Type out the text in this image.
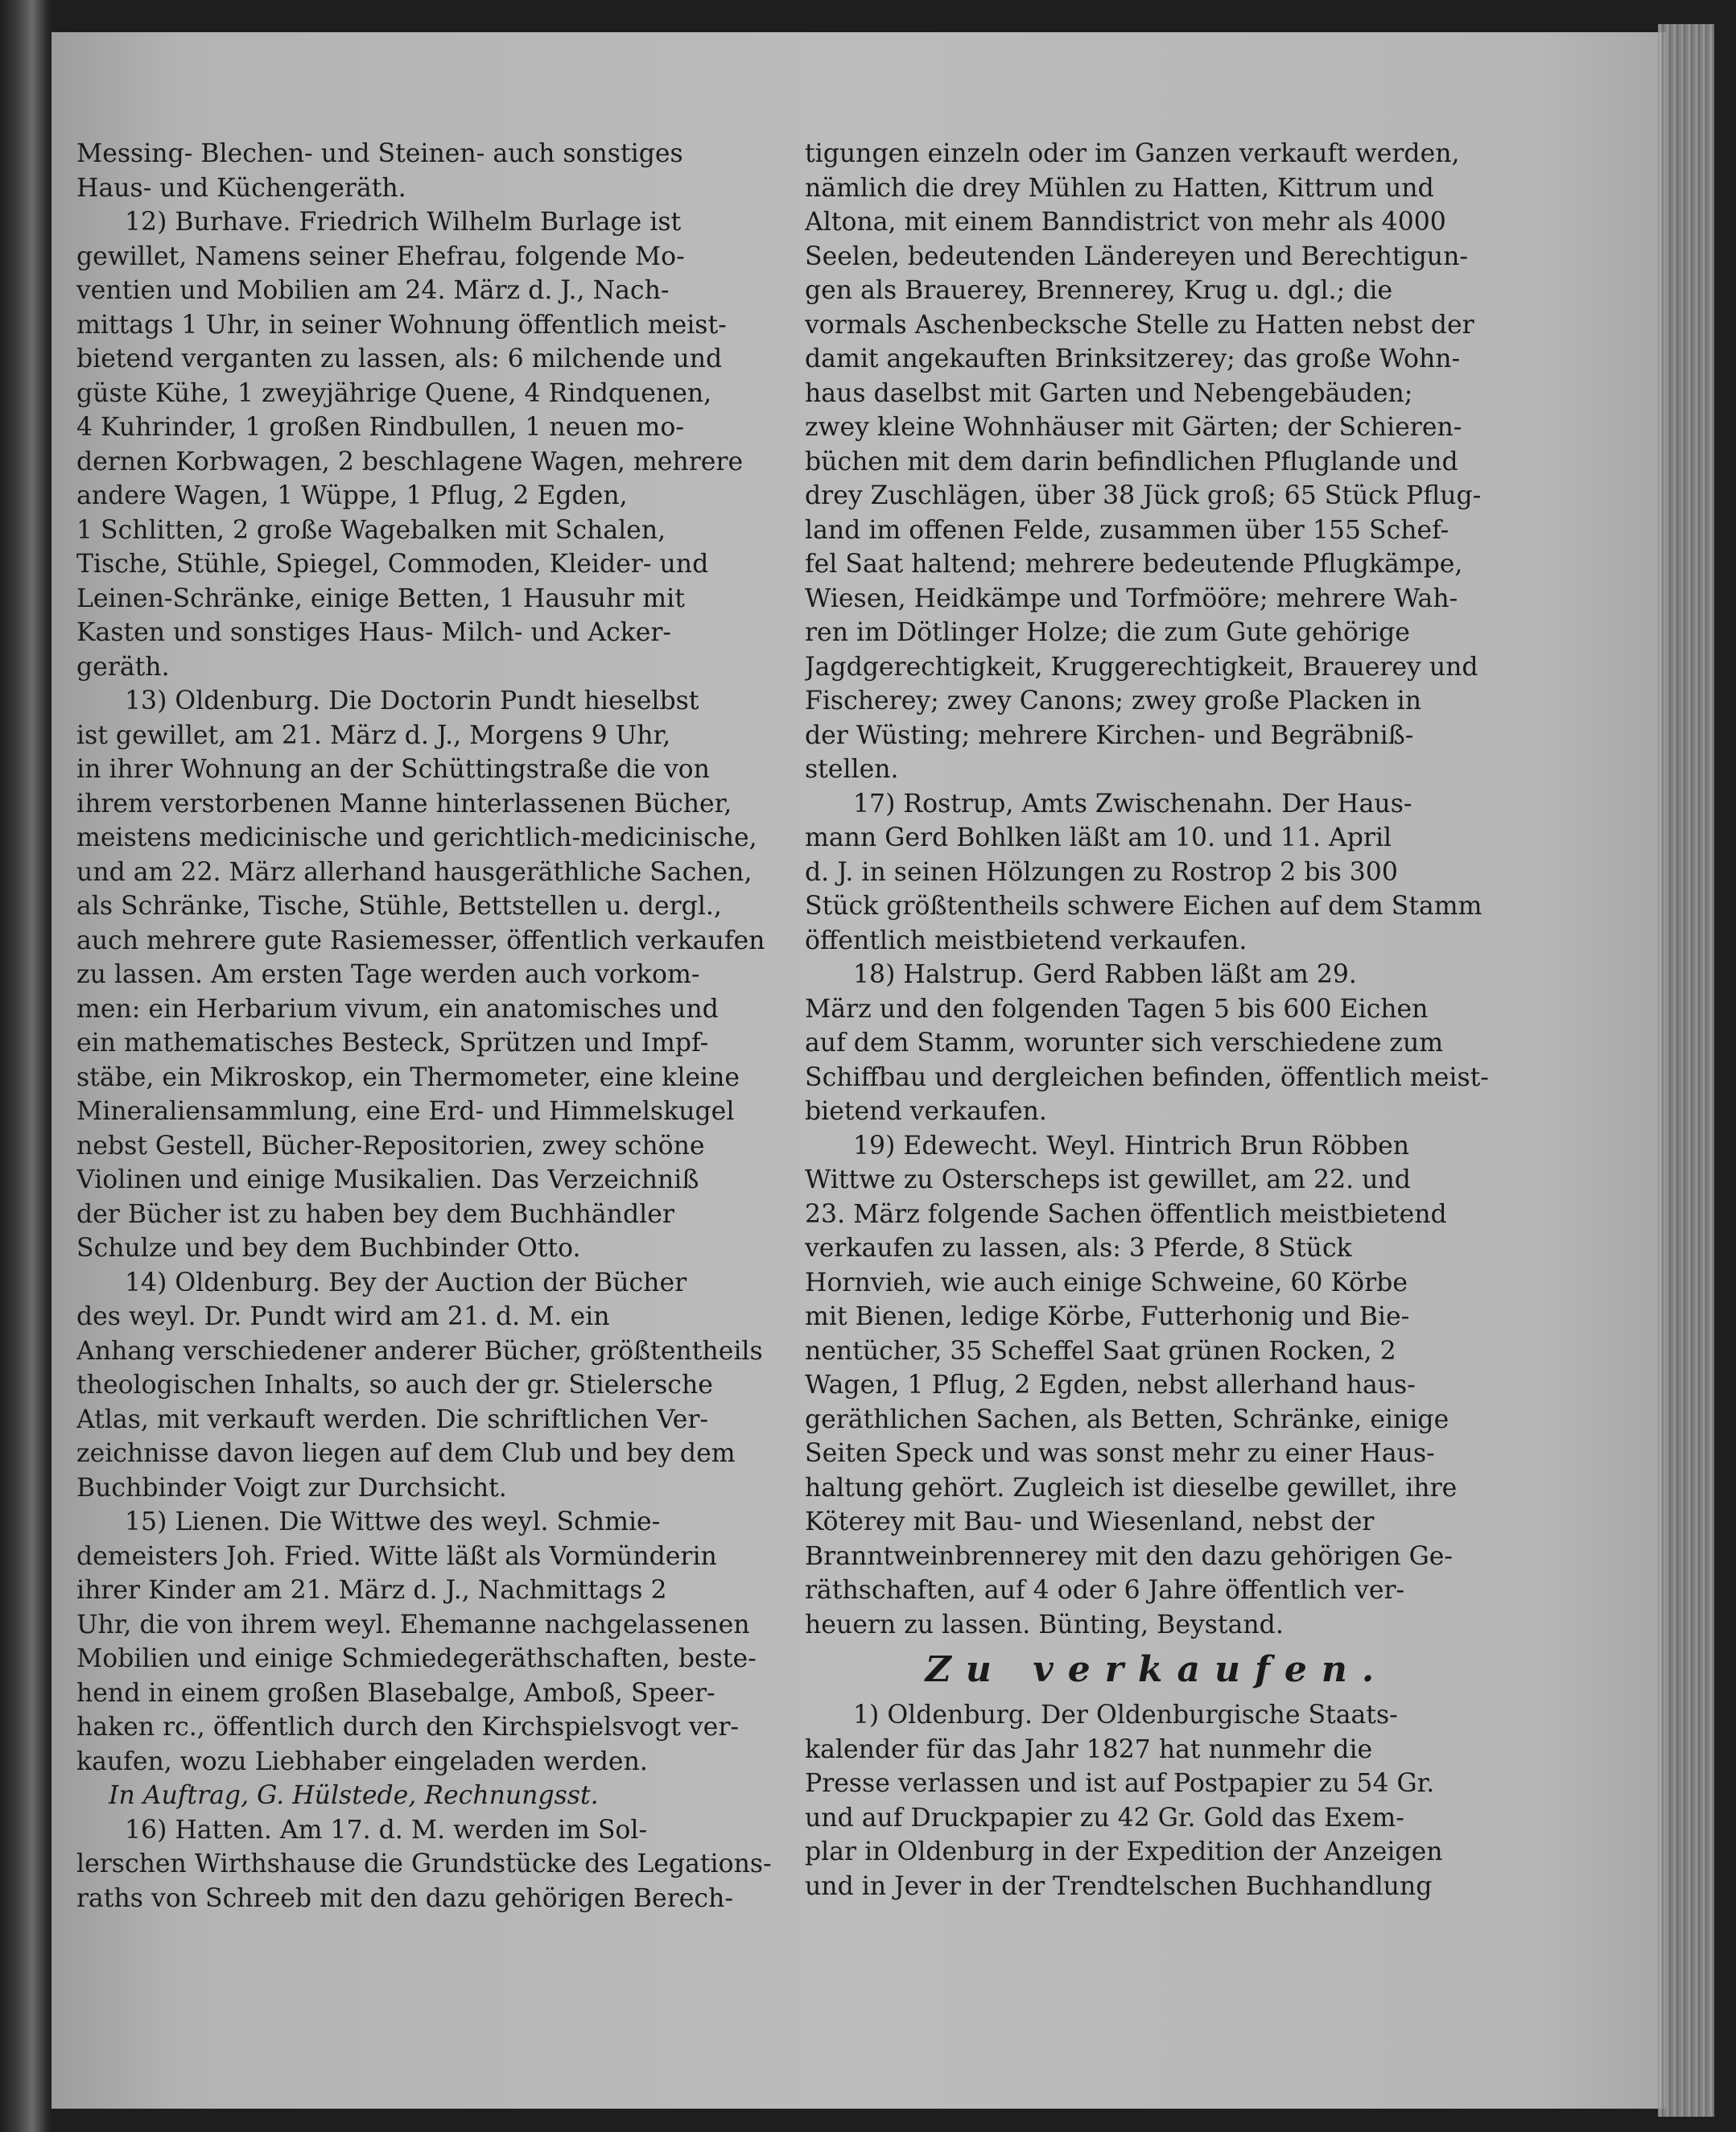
Messing- Blechen- und Steinen- auch sonstiges
Haus- und Küchengeräth.
12) Burhave. Friedrich Wilhelm Burlage ist
gewillet, Namens seiner Ehefrau, folgende Mo-
ventien und Mobilien am 24. März d. J., Nach-
mittags 1 Uhr, in seiner Wohnung öffentlich meist-
bietend verganten zu lassen, als: 6 milchende und
güste Kühe, 1 zweyjährige Quene, 4 Rindquenen,
4 Kuhrinder, 1 großen Rindbullen, 1 neuen mo-
dernen Korbwagen, 2 beschlagene Wagen, mehrere
andere Wagen, 1 Wüppe, 1 Pflug, 2 Egden,
1 Schlitten, 2 große Wagebalken mit Schalen,
Tische, Stühle, Spiegel, Commoden, Kleider- und
Leinen-Schränke, einige Betten, 1 Hausuhr mit
Kasten und sonstiges Haus- Milch- und Acker-
geräth.
13) Oldenburg. Die Doctorin Pundt hieselbst
ist gewillet, am 21. März d. J., Morgens 9 Uhr,
in ihrer Wohnung an der Schüttingstraße die von
ihrem verstorbenen Manne hinterlassenen Bücher,
meistens medicinische und gerichtlich-medicinische,
und am 22. März allerhand hausgeräthliche Sachen,
als Schränke, Tische, Stühle, Bettstellen u. dergl.,
auch mehrere gute Rasiemesser, öffentlich verkaufen
zu lassen. Am ersten Tage werden auch vorkom-
men: ein Herbarium vivum, ein anatomisches und
ein mathematisches Besteck, Sprützen und Impf-
stäbe, ein Mikroskop, ein Thermometer, eine kleine
Mineraliensammlung, eine Erd- und Himmelskugel
nebst Gestell, Bücher-Repositorien, zwey schöne
Violinen und einige Musikalien. Das Verzeichniß
der Bücher ist zu haben bey dem Buchhändler
Schulze und bey dem Buchbinder Otto.
14) Oldenburg. Bey der Auction der Bücher
des weyl. Dr. Pundt wird am 21. d. M. ein
Anhang verschiedener anderer Bücher, größtentheils
theologischen Inhalts, so auch der gr. Stielersche
Atlas, mit verkauft werden. Die schriftlichen Ver-
zeichnisse davon liegen auf dem Club und bey dem
Buchbinder Voigt zur Durchsicht.
15) Lienen. Die Wittwe des weyl. Schmie-
demeisters Joh. Fried. Witte läßt als Vormünderin
ihrer Kinder am 21. März d. J., Nachmittags 2
Uhr, die von ihrem weyl. Ehemanne nachgelassenen
Mobilien und einige Schmiedegeräthschaften, beste-
hend in einem großen Blasebalge, Amboß, Speer-
haken rc., öffentlich durch den Kirchspielsvogt ver-
kaufen, wozu Liebhaber eingeladen werden.
In Auftrag, G. Hülstede, Rechnungsst.
16) Hatten. Am 17. d. M. werden im Sol-
lerschen Wirthshause die Grundstücke des Legations-
raths von Schreeb mit den dazu gehörigen Berech-
tigungen einzeln oder im Ganzen verkauft werden,
nämlich die drey Mühlen zu Hatten, Kittrum und
Altona, mit einem Banndistrict von mehr als 4000
Seelen, bedeutenden Ländereyen und Berechtigun-
gen als Brauerey, Brennerey, Krug u. dgl.; die
vormals Aschenbecksche Stelle zu Hatten nebst der
damit angekauften Brinksitzerey; das große Wohn-
haus daselbst mit Garten und Nebengebäuden;
zwey kleine Wohnhäuser mit Gärten; der Schieren-
büchen mit dem darin befindlichen Pfluglande und
drey Zuschlägen, über 38 Jück groß; 65 Stück Pflug-
land im offenen Felde, zusammen über 155 Schef-
fel Saat haltend; mehrere bedeutende Pflugkämpe,
Wiesen, Heidkämpe und Torfmööre; mehrere Wah-
ren im Dötlinger Holze; die zum Gute gehörige
Jagdgerechtigkeit, Kruggerechtigkeit, Brauerey und
Fischerey; zwey Canons; zwey große Placken in
der Wüsting; mehrere Kirchen- und Begräbniß-
stellen.
17) Rostrup, Amts Zwischenahn. Der Haus-
mann Gerd Bohlken läßt am 10. und 11. April
d. J. in seinen Hölzungen zu Rostrop 2 bis 300
Stück größtentheils schwere Eichen auf dem Stamm
öffentlich meistbietend verkaufen.
18) Halstrup. Gerd Rabben läßt am 29.
März und den folgenden Tagen 5 bis 600 Eichen
auf dem Stamm, worunter sich verschiedene zum
Schiffbau und dergleichen befinden, öffentlich meist-
bietend verkaufen.
19) Edewecht. Weyl. Hintrich Brun Röbben
Wittwe zu Osterscheps ist gewillet, am 22. und
23. März folgende Sachen öffentlich meistbietend
verkaufen zu lassen, als: 3 Pferde, 8 Stück
Hornvieh, wie auch einige Schweine, 60 Körbe
mit Bienen, ledige Körbe, Futterhonig und Bie-
nentücher, 35 Scheffel Saat grünen Rocken, 2
Wagen, 1 Pflug, 2 Egden, nebst allerhand haus-
geräthlichen Sachen, als Betten, Schränke, einige
Seiten Speck und was sonst mehr zu einer Haus-
haltung gehört. Zugleich ist dieselbe gewillet, ihre
Köterey mit Bau- und Wiesenland, nebst der
Branntweinbrennerey mit den dazu gehörigen Ge-
räthschaften, auf 4 oder 6 Jahre öffentlich ver-
heuern zu lassen. Bünting, Beystand.
Zu verkaufen.
1) Oldenburg. Der Oldenburgische Staats-
kalender für das Jahr 1827 hat nunmehr die
Presse verlassen und ist auf Postpapier zu 54 Gr.
und auf Druckpapier zu 42 Gr. Gold das Exem-
plar in Oldenburg in der Expedition der Anzeigen
und in Jever in der Trendtelschen Buchhandlung
